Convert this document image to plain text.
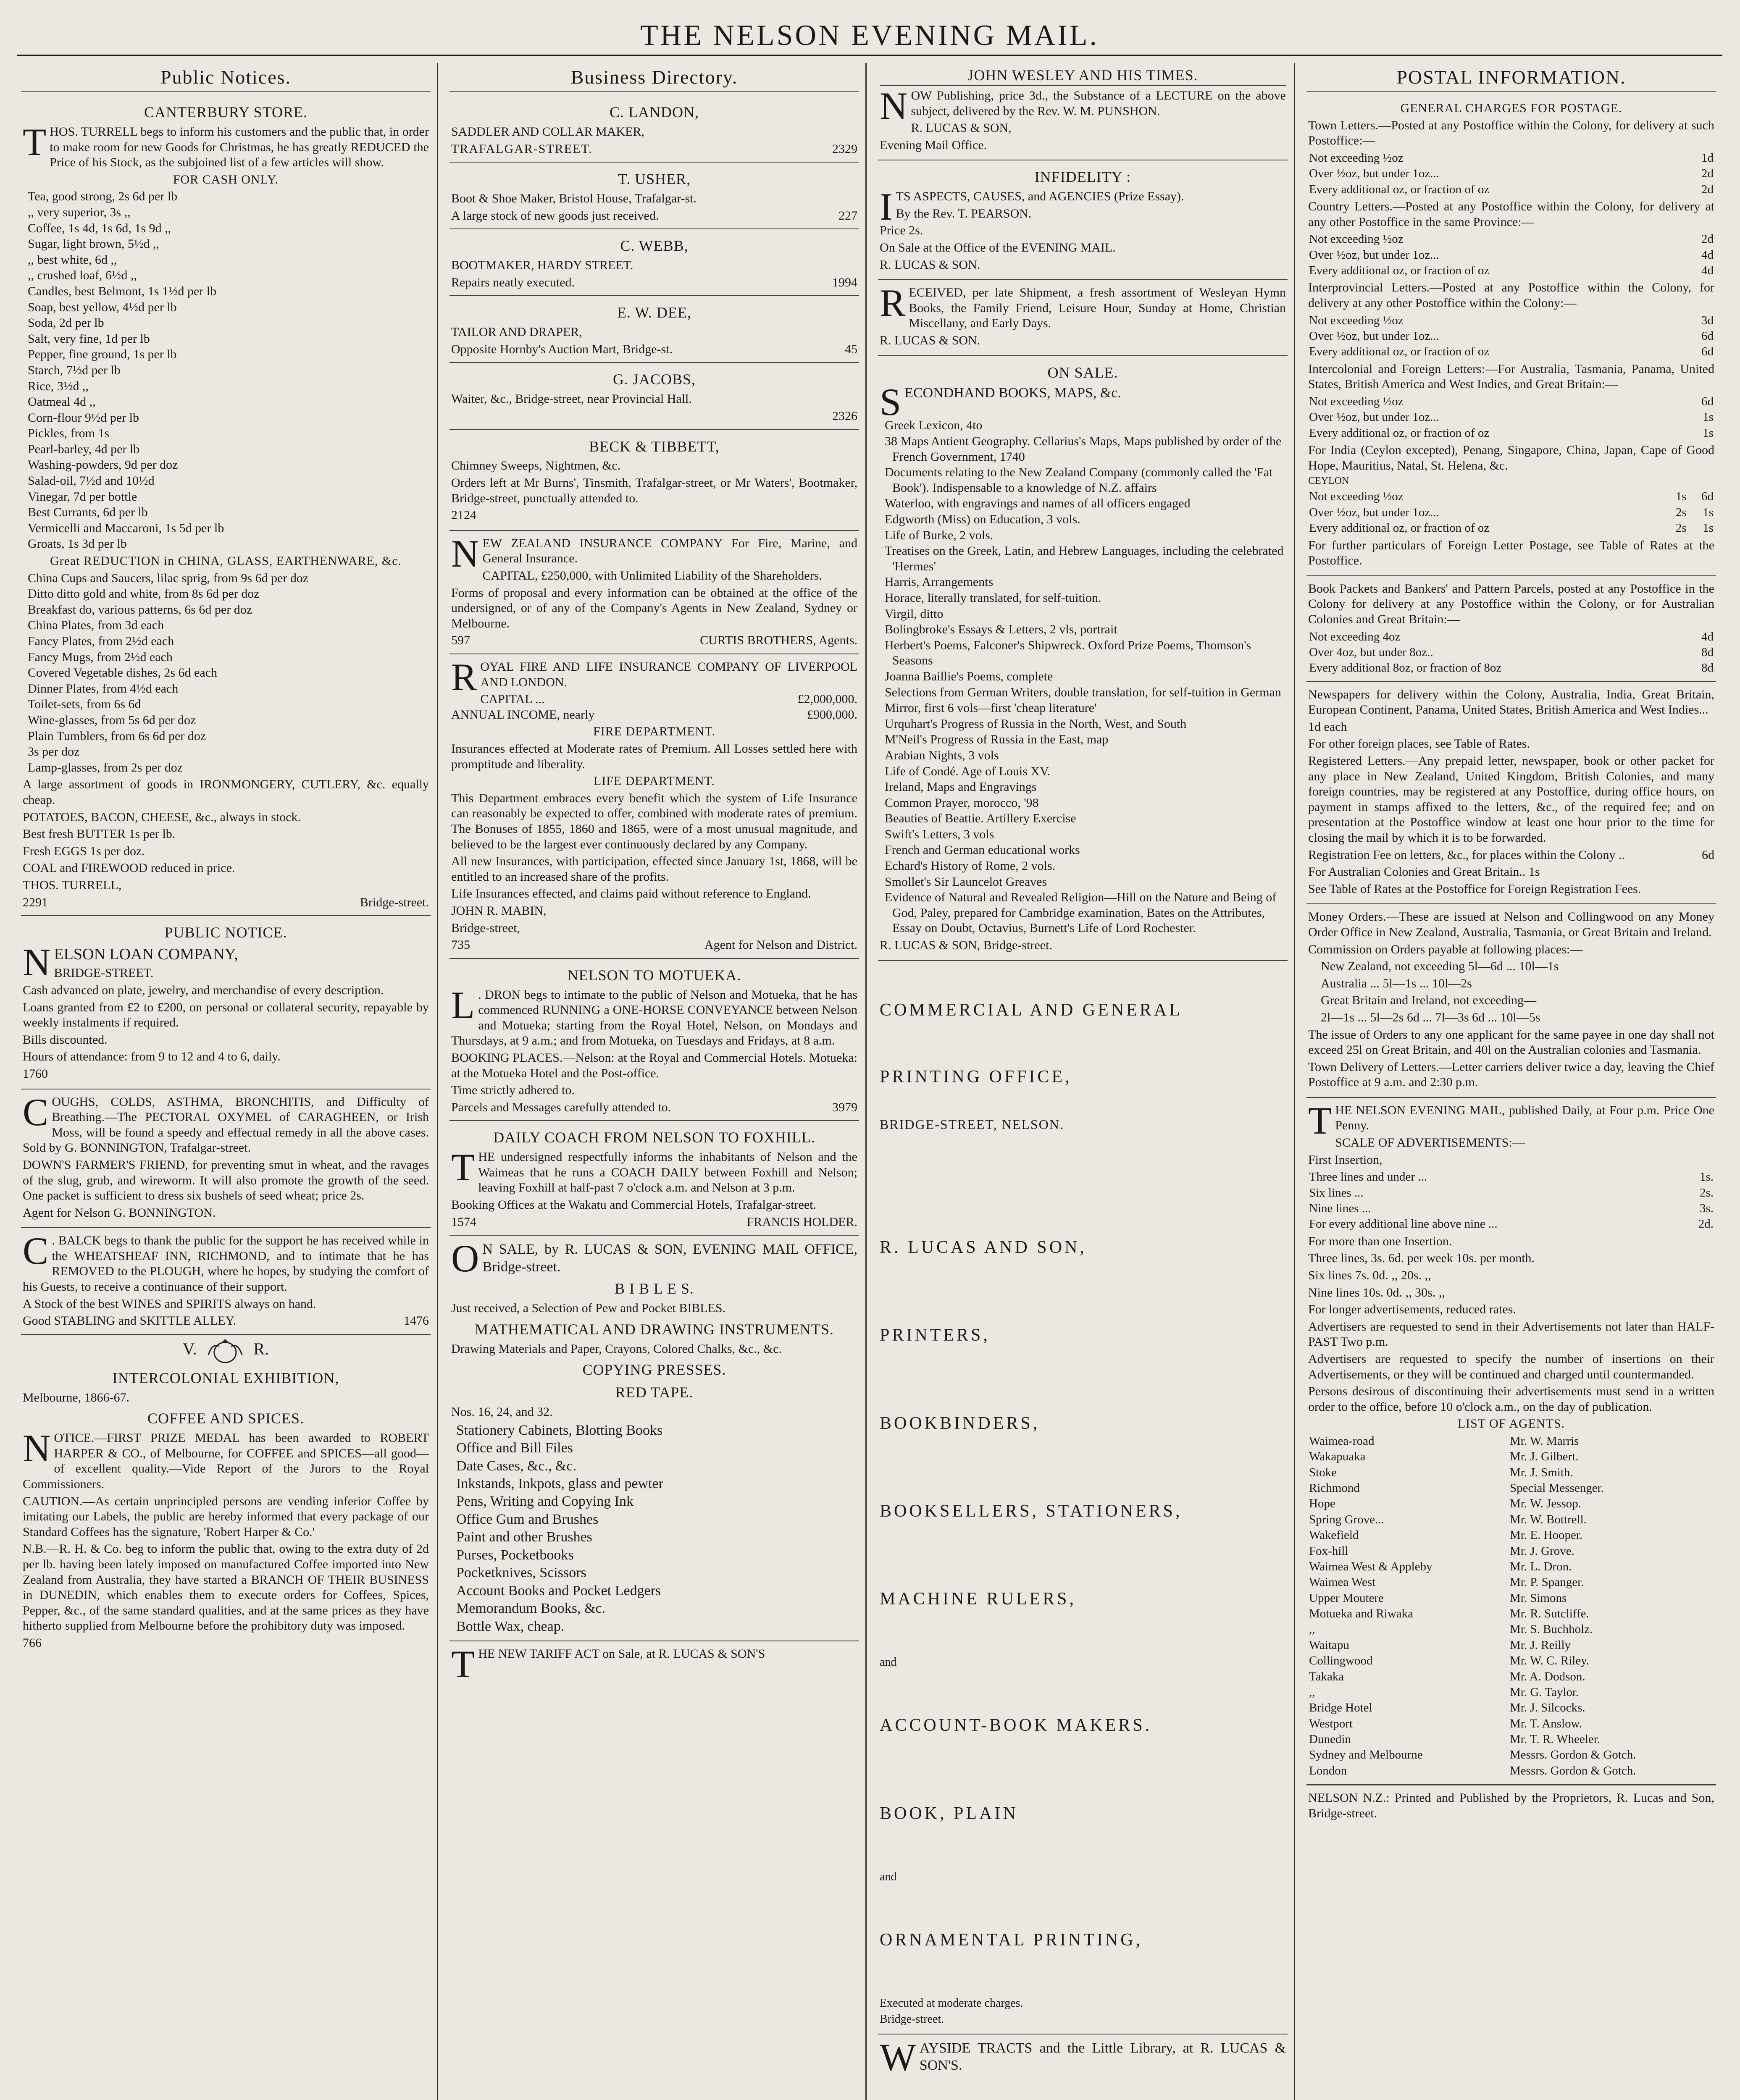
THE NELSON EVENING MAIL.
Public Notices.
CANTERBURY STORE.

THOS. TURRELL begs to inform his customers and the public that, in order to make room for new Goods for Christmas, he has greatly REDUCED the Price of his Stock, as the subjoined list of a few articles will show.

FOR CASH ONLY.
Tea, good strong, 2s 6d per lb
,, very superior, 3s ,,
Coffee, 1s 4d, 1s 6d, 1s 9d ,,
Sugar, light brown, 5½d ,,
,, best white, 6d ,,
,, crushed loaf, 6½d ,,
Candles, best Belmont, 1s 1½d per lb
Soap, best yellow, 4½d per lb
Soda, 2d per lb
Salt, very fine, 1d per lb
Pepper, fine ground, 1s per lb
Starch, 7½d per lb
Rice, 3½d ,,
Oatmeal 4d ,,
Corn-flour 9½d per lb
Pickles, from 1s
Pearl-barley, 4d per lb
Washing-powders, 9d per doz
Salad-oil, 7½d and 10½d
Vinegar, 7d per bottle
Best Currants, 6d per lb
Vermicelli and Maccaroni, 1s 5d per lb
Groats, 1s 3d per lb
Great REDUCTION in CHINA, GLASS, EARTHENWARE, &c.
China Cups and Saucers, lilac sprig, from 9s 6d per doz
Ditto ditto gold and white, from 8s 6d per doz
Breakfast do, various patterns, 6s 6d per doz
China Plates, from 3d each
Fancy Plates, from 2½d each
Fancy Mugs, from 2½d each
Covered Vegetable dishes, 2s 6d each
Dinner Plates, from 4½d each
Toilet-sets, from 6s 6d
Wine-glasses, from 5s 6d per doz
Plain Tumblers, from 6s 6d per doz
3s per doz
Lamp-glasses, from 2s per doz

A large assortment of goods in IRONMONGERY, CUTLERY, &c. equally cheap.

POTATOES, BACON, CHEESE, &c., always in stock.

Best fresh BUTTER 1s per lb.

Fresh EGGS 1s per doz.

COAL and FIREWOOD reduced in price.

THOS. TURRELL,

2291	Bridge-street.
PUBLIC NOTICE.

NELSON LOAN COMPANY,

BRIDGE-STREET.

Cash advanced on plate, jewelry, and merchandise of every description.

Loans granted from £2 to £200, on personal or collateral security, repayable by weekly instalments if required.

Bills discounted.

Hours of attendance: from 9 to 12 and 4 to 6, daily.

1760

COUGHS, COLDS, ASTHMA, BRONCHITIS, and Difficulty of Breathing.—The PECTORAL OXYMEL of CARAGHEEN, or Irish Moss, will be found a speedy and effectual remedy in all the above cases. Sold by G. BONNINGTON, Trafalgar-street.

DOWN'S FARMER'S FRIEND, for preventing smut in wheat, and the ravages of the slug, grub, and wireworm. It will also promote the growth of the seed. One packet is sufficient to dress six bushels of seed wheat; price 2s.

Agent for Nelson G. BONNINGTON.

C . BALCK begs to thank the public for the support he has received while in the WHEATSHEAF INN, RICHMOND, and to intimate that he has REMOVED to the PLOUGH, where he hopes, by studying the comfort of his Guests, to receive a continuance of their support.

A Stock of the best WINES and SPIRITS always on hand.

Good STABLING and SKITTLE ALLEY.	1476
V.	R.
INTERCOLONIAL EXHIBITION,

Melbourne, 1866-67.

COFFEE AND SPICES.

NOTICE.—FIRST PRIZE MEDAL has been awarded to ROBERT HARPER & CO., of Melbourne, for COFFEE and SPICES—all good—of excellent quality.—Vide Report of the Jurors to the Royal Commissioners.

CAUTION.—As certain unprincipled persons are vending inferior Coffee by imitating our Labels, the public are hereby informed that every package of our Standard Coffees has the signature, 'Robert Harper & Co.'

N.B.—R. H. & Co. beg to inform the public that, owing to the extra duty of 2d per lb. having been lately imposed on manufactured Coffee imported into New Zealand from Australia, they have started a BRANCH OF THEIR BUSINESS in DUNEDIN, which enables them to execute orders for Coffees, Spices, Pepper, &c., of the same standard qualities, and at the same prices as they have hitherto supplied from Melbourne before the prohibitory duty was imposed.

766

Business Directory.
C. LANDON,

SADDLER AND COLLAR MAKER,

TRAFALGAR-STREET.	2329
T. USHER,

Boot & Shoe Maker, Bristol House, Trafalgar-st.

A large stock of new goods just received.	227
C. WEBB,

BOOTMAKER, HARDY STREET.

Repairs neatly executed.	1994
E. W. DEE,

TAILOR AND DRAPER,

Opposite Hornby's Auction Mart, Bridge-st.	45
G. JACOBS,

Waiter, &c., Bridge-street, near Provincial Hall.

2326
BECK & TIBBETT,

Chimney Sweeps, Nightmen, &c.

Orders left at Mr Burns', Tinsmith, Trafalgar-street, or Mr Waters', Bootmaker, Bridge-street, punctually attended to.

2124

NEW ZEALAND INSURANCE COMPANY For Fire, Marine, and General Insurance.

CAPITAL, £250,000, with Unlimited Liability of the Shareholders.

Forms of proposal and every information can be obtained at the office of the undersigned, or of any of the Company's Agents in New Zealand, Sydney or Melbourne.

597	CURTIS BROTHERS, Agents.

ROYAL FIRE AND LIFE INSURANCE COMPANY OF LIVERPOOL AND LONDON.

CAPITAL ...	£2,000,000.
ANNUAL INCOME, nearly	£900,000.
FIRE DEPARTMENT.

Insurances effected at Moderate rates of Premium. All Losses settled here with promptitude and liberality.

LIFE DEPARTMENT.

This Department embraces every benefit which the system of Life Insurance can reasonably be expected to offer, combined with moderate rates of premium. The Bonuses of 1855, 1860 and 1865, were of a most unusual magnitude, and believed to be the largest ever continuously declared by any Company.

All new Insurances, with participation, effected since January 1st, 1868, will be entitled to an increased share of the profits.

Life Insurances effected, and claims paid without reference to England.

JOHN R. MABIN,

Bridge-street,

735	Agent for Nelson and District.
NELSON TO MOTUEKA.

L . DRON begs to intimate to the public of Nelson and Motueka, that he has commenced RUNNING a ONE-HORSE CONVEYANCE between Nelson and Motueka; starting from the Royal Hotel, Nelson, on Mondays and Thursdays, at 9 a.m.; and from Motueka, on Tuesdays and Fridays, at 8 a.m.

BOOKING PLACES.—Nelson: at the Royal and Commercial Hotels. Motueka: at the Motueka Hotel and the Post-office.

Time strictly adhered to.

Parcels and Messages carefully attended to.	3979
DAILY COACH FROM NELSON TO FOXHILL.

THE undersigned respectfully informs the inhabitants of Nelson and the Waimeas that he runs a COACH DAILY between Foxhill and Nelson; leaving Foxhill at half-past 7 o'clock a.m. and Nelson at 3 p.m.

Booking Offices at the Wakatu and Commercial Hotels, Trafalgar-street.

1574	FRANCIS HOLDER.

O N SALE, by R. LUCAS & SON, EVENING MAIL OFFICE, Bridge-street.

B I B L E S.

Just received, a Selection of Pew and Pocket BIBLES.

MATHEMATICAL AND DRAWING INSTRUMENTS.

Drawing Materials and Paper, Crayons, Colored Chalks, &c., &c.

COPYING PRESSES.
RED TAPE.

Nos. 16, 24, and 32.

Stationery Cabinets, Blotting Books
Office and Bill Files
Date Cases, &c., &c.
Inkstands, Inkpots, glass and pewter
Pens, Writing and Copying Ink
Office Gum and Brushes
Paint and other Brushes
Purses, Pocketbooks
Pocketknives, Scissors
Account Books and Pocket Ledgers
Memorandum Books, &c.
Bottle Wax, cheap.

THE NEW TARIFF ACT on Sale, at R. LUCAS & SON'S

JOHN WESLEY AND HIS TIMES.

NOW Publishing, price 3d., the Substance of a LECTURE on the above subject, delivered by the Rev. W. M. PUNSHON.

R. LUCAS & SON,

Evening Mail Office.

INFIDELITY :

ITS ASPECTS, CAUSES, and AGENCIES (Prize Essay).

By the Rev. T. PEARSON.

Price 2s.

On Sale at the Office of the EVENING MAIL.

R. LUCAS & SON.

RECEIVED, per late Shipment, a fresh assortment of Wesleyan Hymn Books, the Family Friend, Leisure Hour, Sunday at Home, Christian Miscellany, and Early Days.

R. LUCAS & SON.

ON SALE.

SECONDHAND BOOKS, MAPS, &c.

Greek Lexicon, 4to
38 Maps Antient Geography. Cellarius's Maps, Maps published by order of the French Government, 1740
Documents relating to the New Zealand Company (commonly called the 'Fat Book'). Indispensable to a knowledge of N.Z. affairs
Waterloo, with engravings and names of all officers engaged
Edgworth (Miss) on Education, 3 vols.
Life of Burke, 2 vols.
Treatises on the Greek, Latin, and Hebrew Languages, including the celebrated 'Hermes'
Harris, Arrangements
Horace, literally translated, for self-tuition.
Virgil, ditto
Bolingbroke's Essays & Letters, 2 vls, portrait
Herbert's Poems, Falconer's Shipwreck. Oxford Prize Poems, Thomson's Seasons
Joanna Baillie's Poems, complete
Selections from German Writers, double translation, for self-tuition in German
Mirror, first 6 vols—first 'cheap literature'
Urquhart's Progress of Russia in the North, West, and South
M'Neil's Progress of Russia in the East, map
Arabian Nights, 3 vols
Life of Condé. Age of Louis XV.
Ireland, Maps and Engravings
Common Prayer, morocco, '98
Beauties of Beattie. Artillery Exercise
Swift's Letters, 3 vols
French and German educational works
Echard's History of Rome, 2 vols.
Smollet's Sir Launcelot Greaves
Evidence of Natural and Revealed Religion—Hill on the Nature and Being of God, Paley, prepared for Cambridge examination, Bates on the Attributes, Essay on Doubt, Octavius, Burnett's Life of Lord Rochester.

R. LUCAS & SON, Bridge-street.

COMMERCIAL AND GENERAL

PRINTING OFFICE,

BRIDGE-STREET, NELSON.

R. LUCAS AND SON,

PRINTERS,

BOOKBINDERS,

BOOKSELLERS, STATIONERS,

MACHINE RULERS,

and

ACCOUNT-BOOK MAKERS.

BOOK, PLAIN

and

ORNAMENTAL PRINTING,

Executed at moderate charges.

Bridge-street.

WAYSIDE TRACTS and the Little Library, at R. LUCAS & SON'S.

POSTAL INFORMATION.
GENERAL CHARGES FOR POSTAGE.

Town Letters.—Posted at any Postoffice within the Colony, for delivery at such Postoffice:—

Not exceeding ½oz	1d
Over ½oz, but under 1oz...	2d
Every additional oz, or fraction of oz	2d

Country Letters.—Posted at any Postoffice within the Colony, for delivery at any other Postoffice in the same Province:—

Not exceeding ½oz	2d
Over ½oz, but under 1oz...	4d
Every additional oz, or fraction of oz	4d

Interprovincial Letters.—Posted at any Postoffice within the Colony, for delivery at any other Postoffice within the Colony:—

Not exceeding ½oz	3d
Over ½oz, but under 1oz...	6d
Every additional oz, or fraction of oz	6d

Intercolonial and Foreign Letters:—For Australia, Tasmania, Panama, United States, British America and West Indies, and Great Britain:—

Not exceeding ½oz	6d
Over ½oz, but under 1oz...	1s
Every additional oz, or fraction of oz	1s

For India (Ceylon excepted), Penang, Singapore, China, Japan, Cape of Good Hope, Mauritius, Natal, St. Helena, &c.

CEYLON

Not exceeding ½oz	1s	6d
Over ½oz, but under 1oz...	2s	1s
Every additional oz, or fraction of oz	2s	1s

For further particulars of Foreign Letter Postage, see Table of Rates at the Postoffice.

Book Packets and Bankers' and Pattern Parcels, posted at any Postoffice in the Colony for delivery at any Postoffice within the Colony, or for Australian Colonies and Great Britain:—

Not exceeding 4oz	4d
Over 4oz, but under 8oz..	8d
Every additional 8oz, or fraction of 8oz	8d

Newspapers for delivery within the Colony, Australia, India, Great Britain, European Continent, Panama, United States, British America and West Indies...

1d each

For other foreign places, see Table of Rates.

Registered Letters.—Any prepaid letter, newspaper, book or other packet for any place in New Zealand, United Kingdom, British Colonies, and many foreign countries, may be registered at any Postoffice, during office hours, on payment in stamps affixed to the letters, &c., of the required fee; and on presentation at the Postoffice window at least one hour prior to the time for closing the mail by which it is to be forwarded.

Registration Fee on letters, &c., for places within the Colony ..	6d

For Australian Colonies and Great Britain.. 1s

See Table of Rates at the Postoffice for Foreign Registration Fees.

Money Orders.—These are issued at Nelson and Collingwood on any Money Order Office in New Zealand, Australia, Tasmania, or Great Britain and Ireland.

Commission on Orders payable at following places:—

New Zealand, not exceeding 5l—6d ... 10l—1s

Australia ... 5l—1s ... 10l—2s

Great Britain and Ireland, not exceeding—

2l—1s ... 5l—2s 6d ... 7l—3s 6d ... 10l—5s

The issue of Orders to any one applicant for the same payee in one day shall not exceed 25l on Great Britain, and 40l on the Australian colonies and Tasmania.

Town Delivery of Letters.—Letter carriers deliver twice a day, leaving the Chief Postoffice at 9 a.m. and 2:30 p.m.

THE NELSON EVENING MAIL, published Daily, at Four p.m. Price One Penny.

SCALE OF ADVERTISEMENTS:—

First Insertion,

Three lines and under ...	1s.
Six lines ...	2s.
Nine lines ...	3s.
For every additional line above nine ...	2d.

For more than one Insertion.

Three lines, 3s. 6d. per week 10s. per month.

Six lines 7s. 0d. ,, 20s. ,,

Nine lines 10s. 0d. ,, 30s. ,,

For longer advertisements, reduced rates.

Advertisers are requested to send in their Advertisements not later than HALF-PAST Two p.m.

Advertisers are requested to specify the number of insertions on their Advertisements, or they will be continued and charged until countermanded.

Persons desirous of discontinuing their advertisements must send in a written order to the office, before 10 o'clock a.m., on the day of publication.

LIST OF AGENTS.
Waimea-road	Mr. W. Marris
Wakapuaka	Mr. J. Gilbert.
Stoke	Mr. J. Smith.
Richmond	Special Messenger.
Hope	Mr. W. Jessop.
Spring Grove...	Mr. W. Bottrell.
Wakefield	Mr. E. Hooper.
Fox-hill	Mr. J. Grove.
Waimea West & Appleby	Mr. L. Dron.
Waimea West	Mr. P. Spanger.
Upper Moutere	Mr. Simons
Motueka and Riwaka	Mr. R. Sutcliffe.
,,	Mr. S. Buchholz.
Waitapu	Mr. J. Reilly
Collingwood	Mr. W. C. Riley.
Takaka	Mr. A. Dodson.
,,	Mr. G. Taylor.
Bridge Hotel	Mr. J. Silcocks.
Westport	Mr. T. Anslow.
Dunedin	Mr. T. R. Wheeler.
Sydney and Melbourne	Messrs. Gordon & Gotch.
London	Messrs. Gordon & Gotch.

NELSON N.Z.: Printed and Published by the Proprietors, R. Lucas and Son, Bridge-street.
